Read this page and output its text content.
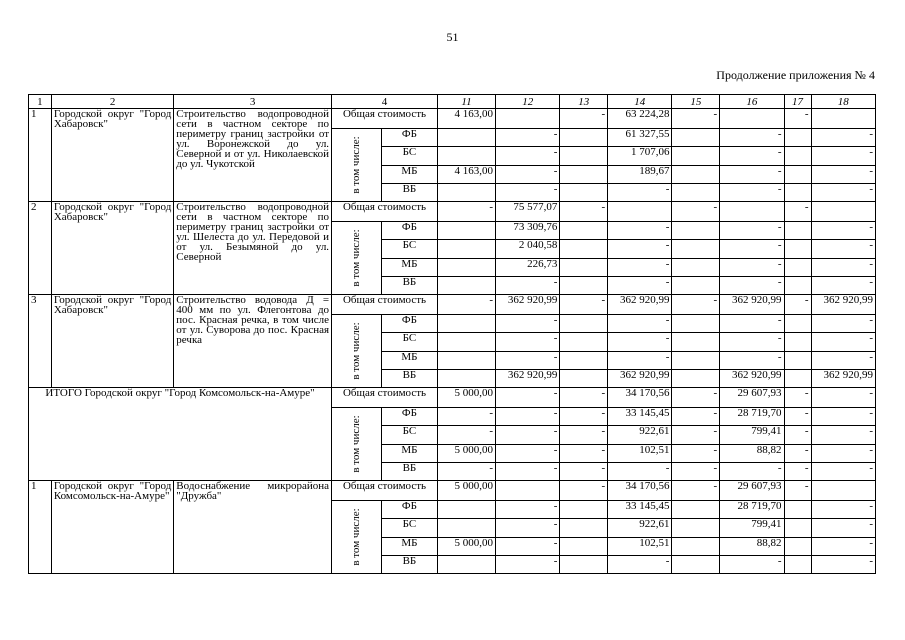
51
Продолжение приложения № 4
1	2	3	4		11	12	13	14	15	16	17	18
1	Городской округ "Город Хабаровск"	Строительство водопроводной сети в частном секторе по периметру границ застройки от ул. Воронежской до ул. Северной и от ул. Николаевской до ул. Чукотской	Общая стоимость		4 163,00		-	63 224,28	-		-	

			в том числе:	ФБ		-		61 327,55		-		-
				БС		-		1 707,06		-		-
				МБ	4 163,00	-		189,67		-		-
				ВБ		-		-		-		-
2	Городской округ "Город Хабаровск"	Строительство водопроводной сети в частном секторе по периметру границ застройки от ул. Шелеста до ул. Передовой и от ул. Безымяной до ул. Северной	Общая стоимость		-	75 577,07	-		-		-	

			в том числе:	ФБ		73 309,76		-		-		-
				БС		2 040,58		-		-		-
				МБ		226,73		-		-		-
				ВБ		-		-		-		-
3	Городской округ "Город Хабаровск"	Строительство водовода Д = 400 мм по ул. Флегонтова до пос. Красная речка, в том числе от ул. Суворова до пос. Красная речка	Общая стоимость		-	362 920,99	-	362 920,99	-	362 920,99	-	362 920,99

			в том числе:	ФБ		-		-		-		-
				БС		-		-		-		-
				МБ		-		-		-		-
				ВБ		362 920,99		362 920,99		362 920,99		362 920,99

ИТОГО Городской округ "Город Комсомольск-на-Амуре"			Общая стоимость		5 000,00	-	-	34 170,56	-	29 607,93	-	-

			в том числе:	ФБ	-	-	-	33 145,45	-	28 719,70	-	-
				БС	-	-	-	922,61	-	799,41	-	-
				МБ	5 000,00	-	-	102,51	-	88,82	-	-
				ВБ	-	-	-	-	-	-	-	-
1	Городской округ "Город Комсомольск-на-Амуре"	Водоснабжение микрорайона "Дружба"	Общая стоимость		5 000,00		-	34 170,56	-	29 607,93	-	

			в том числе:	ФБ		-		33 145,45		28 719,70		-
				БС		-		922,61		799,41		-
				МБ	5 000,00	-		102,51		88,82		-
				ВБ		-		-		-		-
